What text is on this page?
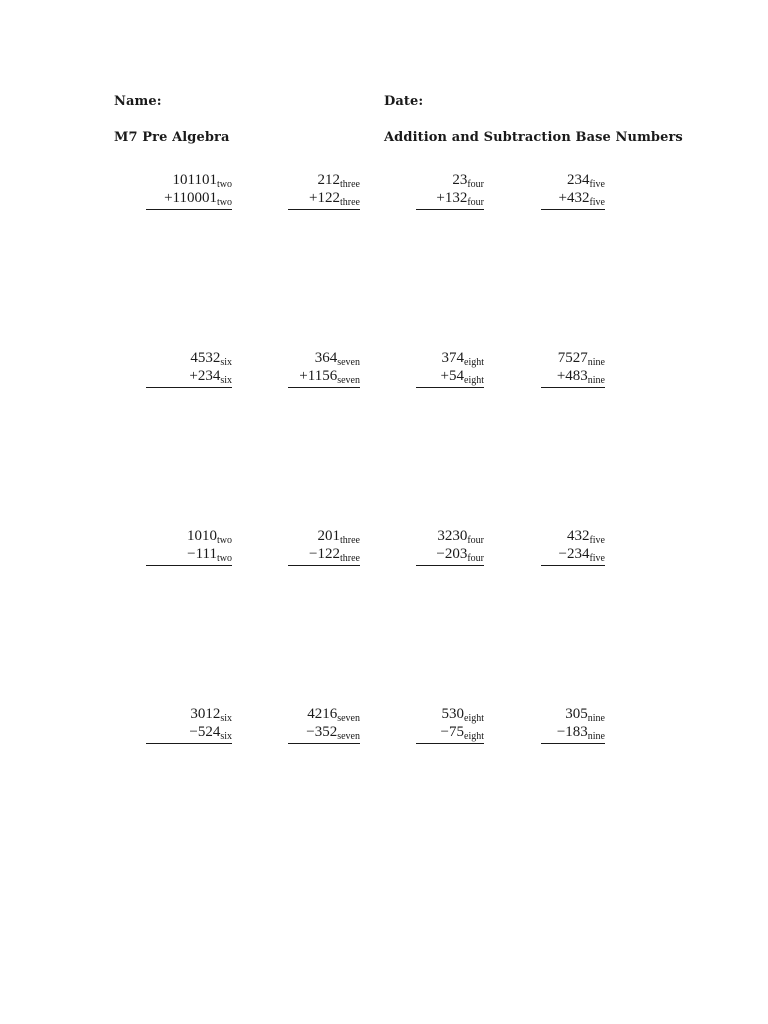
Name:	Date:
M7 Pre Algebra	Addition and Subtraction Base Numbers
$101101_{two}$
$+110001_{two}$
$212_{three}$
$+122_{three}$
$23_{four}$
$+132_{four}$
$234_{five}$
$+432_{five}$
$4532_{six}$
$+234_{six}$
$364_{seven}$
$+1156_{seven}$
$374_{eight}$
$+54_{eight}$
$7527_{nine}$
$+483_{nine}$
$1010_{two}$
$-111_{two}$
$201_{three}$
$-122_{three}$
$3230_{four}$
$-203_{four}$
$432_{five}$
$-234_{five}$
$3012_{six}$
$-524_{six}$
$4216_{seven}$
$-352_{seven}$
$530_{eight}$
$-75_{eight}$
$305_{nine}$
$-183_{nine}$
